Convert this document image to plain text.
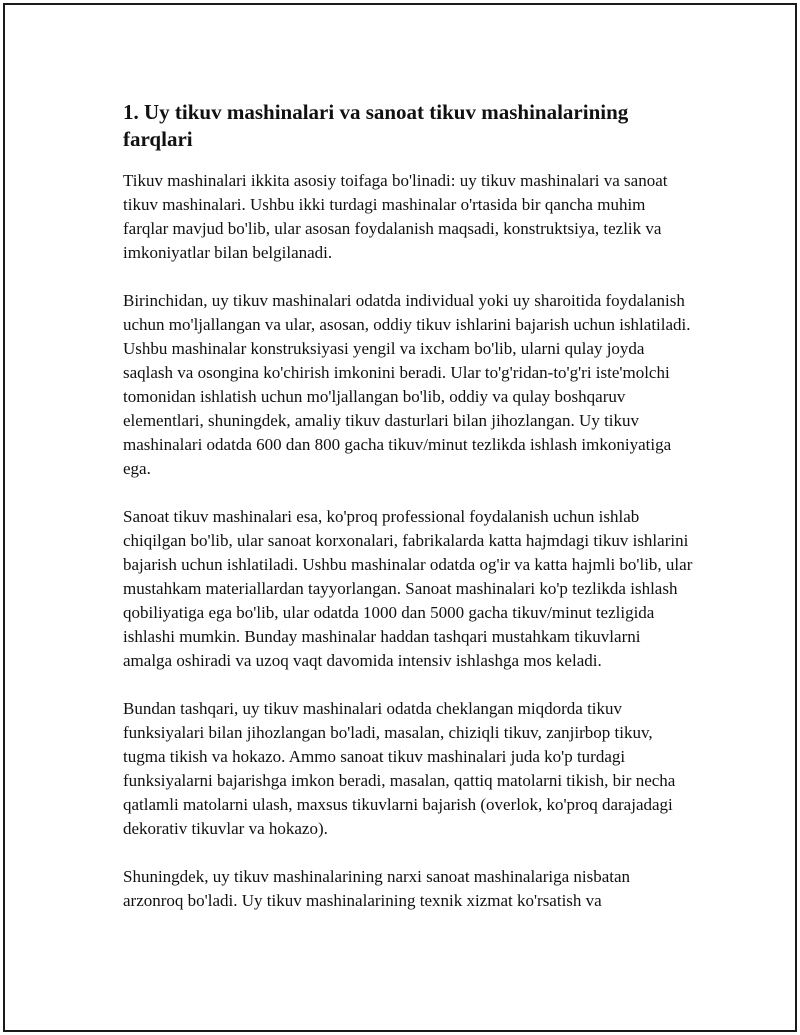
1. Uy tikuv mashinalari va sanoat tikuv mashinalarining farqlari

Tikuv mashinalari ikkita asosiy toifaga bo'linadi: uy tikuv mashinalari va sanoat tikuv mashinalari. Ushbu ikki turdagi mashinalar o'rtasida bir qancha muhim farqlar mavjud bo'lib, ular asosan foydalanish maqsadi, konstruktsiya, tezlik va imkoniyatlar bilan belgilanadi.

Birinchidan, uy tikuv mashinalari odatda individual yoki uy sharoitida foydalanish uchun mo'ljallangan va ular, asosan, oddiy tikuv ishlarini bajarish uchun ishlatiladi. Ushbu mashinalar konstruksiyasi yengil va ixcham bo'lib, ularni qulay joyda saqlash va osongina ko'chirish imkonini beradi. Ular to'g'ridan-to'g'ri iste'molchi tomonidan ishlatish uchun mo'ljallangan bo'lib, oddiy va qulay boshqaruv elementlari, shuningdek, amaliy tikuv dasturlari bilan jihozlangan. Uy tikuv mashinalari odatda 600 dan 800 gacha tikuv/minut tezlikda ishlash imkoniyatiga ega.

Sanoat tikuv mashinalari esa, ko'proq professional foydalanish uchun ishlab chiqilgan bo'lib, ular sanoat korxonalari, fabrikalarda katta hajmdagi tikuv ishlarini bajarish uchun ishlatiladi. Ushbu mashinalar odatda og'ir va katta hajmli bo'lib, ular mustahkam materiallardan tayyorlangan. Sanoat mashinalari ko'p tezlikda ishlash qobiliyatiga ega bo'lib, ular odatda 1000 dan 5000 gacha tikuv/minut tezligida ishlashi mumkin. Bunday mashinalar haddan tashqari mustahkam tikuvlarni amalga oshiradi va uzoq vaqt davomida intensiv ishlashga mos keladi.

Bundan tashqari, uy tikuv mashinalari odatda cheklangan miqdorda tikuv funksiyalari bilan jihozlangan bo'ladi, masalan, chiziqli tikuv, zanjirbop tikuv, tugma tikish va hokazo. Ammo sanoat tikuv mashinalari juda ko'p turdagi funksiyalarni bajarishga imkon beradi, masalan, qattiq matolarni tikish, bir necha qatlamli matolarni ulash, maxsus tikuvlarni bajarish (overlok, ko'proq darajadagi dekorativ tikuvlar va hokazo).

Shuningdek, uy tikuv mashinalarining narxi sanoat mashinalariga nisbatan arzonroq bo'ladi. Uy tikuv mashinalarining texnik xizmat ko'rsatish va
